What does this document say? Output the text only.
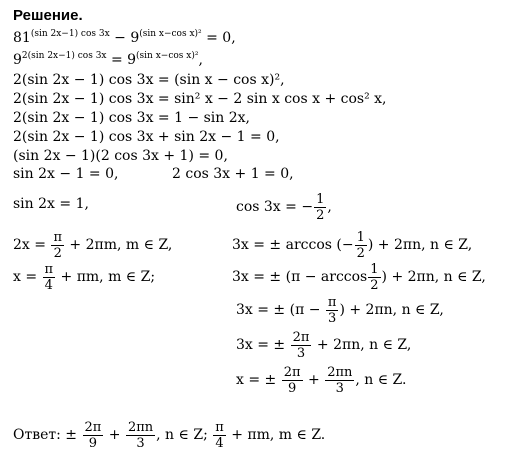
Решение.
$81^{(sin 2x-1) cos 3x} - 9^{(sin x-cos x)^2} = 0$,
$9^{2(sin 2x-1) cos 3x} = 9^{(sin x-cos x)^2}$,
2(sin 2x − 1) cos 3x = (sin x − cos x)²,
2(sin 2x − 1) cos 3x = sin² x − 2 sin x cos x + cos² x,
2(sin 2x − 1) cos 3x = 1 − sin 2x,
2(sin 2x − 1) cos 3x + sin 2x − 1 = 0,
(sin 2x − 1)(2 cos 3x + 1) = 0,
sin 2x − 1 = 0,	2 cos 3x + 1 = 0,
sin 2x = 1,
$2x = \frac{\pi}{2} + 2\pi m$, m ∈ Z,
$x = \frac{\pi}{4} + \pi m$, m ∈ Z;
cos 3x = − $\frac{1}{2}$ ,
3x = ± arccos (− $\frac{1}{2}$ ) + 2πn, n ∈ Z,
3x = ± ($\pi - \arccos \frac{1}{2}$ ) + 2πn, n ∈ Z,
3x = ± ($\pi - \frac{\pi}{3}$ ) + 2πn, n ∈ Z,
3x = ± $\frac{2\pi}{3} + 2\pi n$, n ∈ Z,
x = ± $\frac{2\pi}{9} + \frac{2\pi n}{3}$ , n ∈ Z.
Ответ: ± $\frac{2\pi}{9} + \frac{2\pi n}{3}$ , n ∈ Z; $\frac{\pi}{4} + \pi m$, m ∈ Z.
